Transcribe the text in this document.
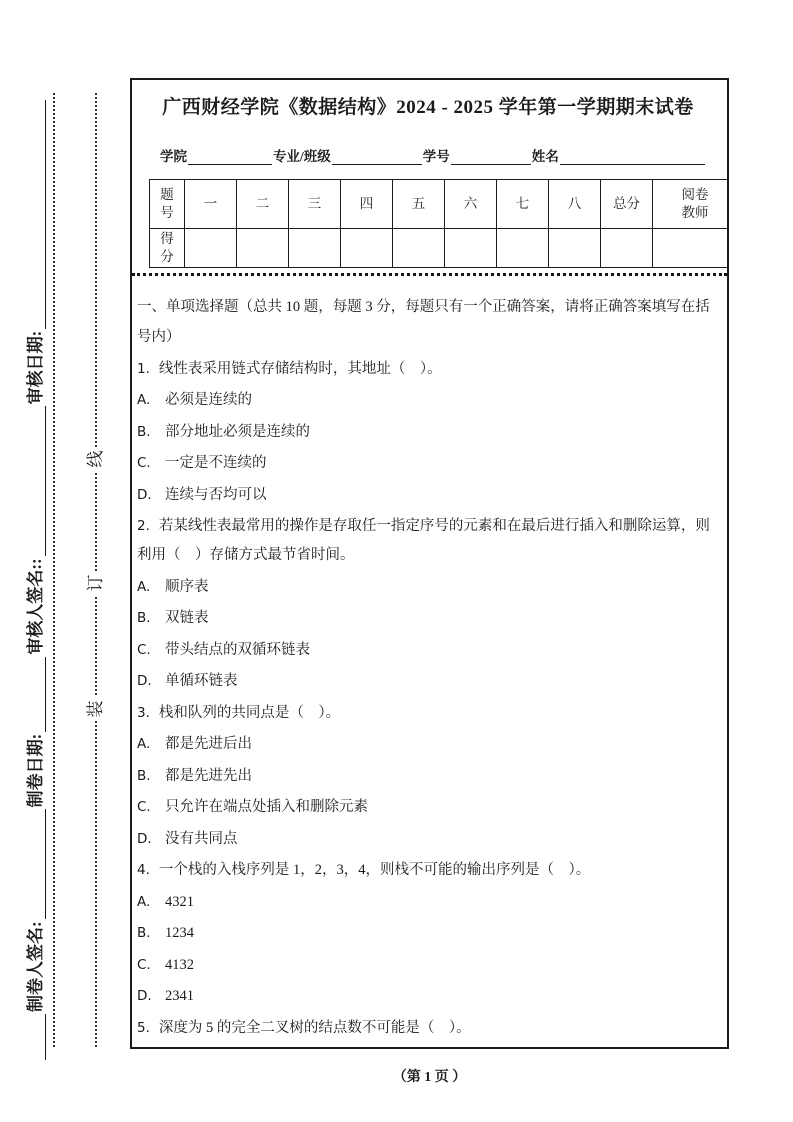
线
订
装
制卷人签名:
制卷日期:
审核人签名::
审核日期:
广西财经学院《数据结构》2024 - 2025 学年第一学期期末试卷
学院	专业/班级	学号	姓名
题号	一	二	三	四	五	六	七	八	总分	阅卷教师
得分										

一、单项选择题（总共 10 题，每题 3 分，每题只有一个正确答案，请将正确答案填写在括号内）

1. 线性表采用链式存储结构时，其地址（　）。

A.	必须是连续的

B. 部分地址必须是连续的

C. 一定是不连续的

D. 连续与否均可以

2. 若某线性表最常用的操作是存取任一指定序号的元素和在最后进行插入和删除运算，则利用（　）存储方式最节省时间。

A.	顺序表

B. 双链表

C. 带头结点的双循环链表

D. 单循环链表

3. 栈和队列的共同点是（　）。

A.	都是先进后出

B. 都是先进先出

C. 只允许在端点处插入和删除元素

D. 没有共同点

4. 一个栈的入栈序列是 1，2，3，4，则栈不可能的输出序列是（　）。

A.	4321

B. 1234

C. 4132

D. 2341

5. 深度为 5 的完全二叉树的结点数不可能是（　）。

（第 1 页 ）
